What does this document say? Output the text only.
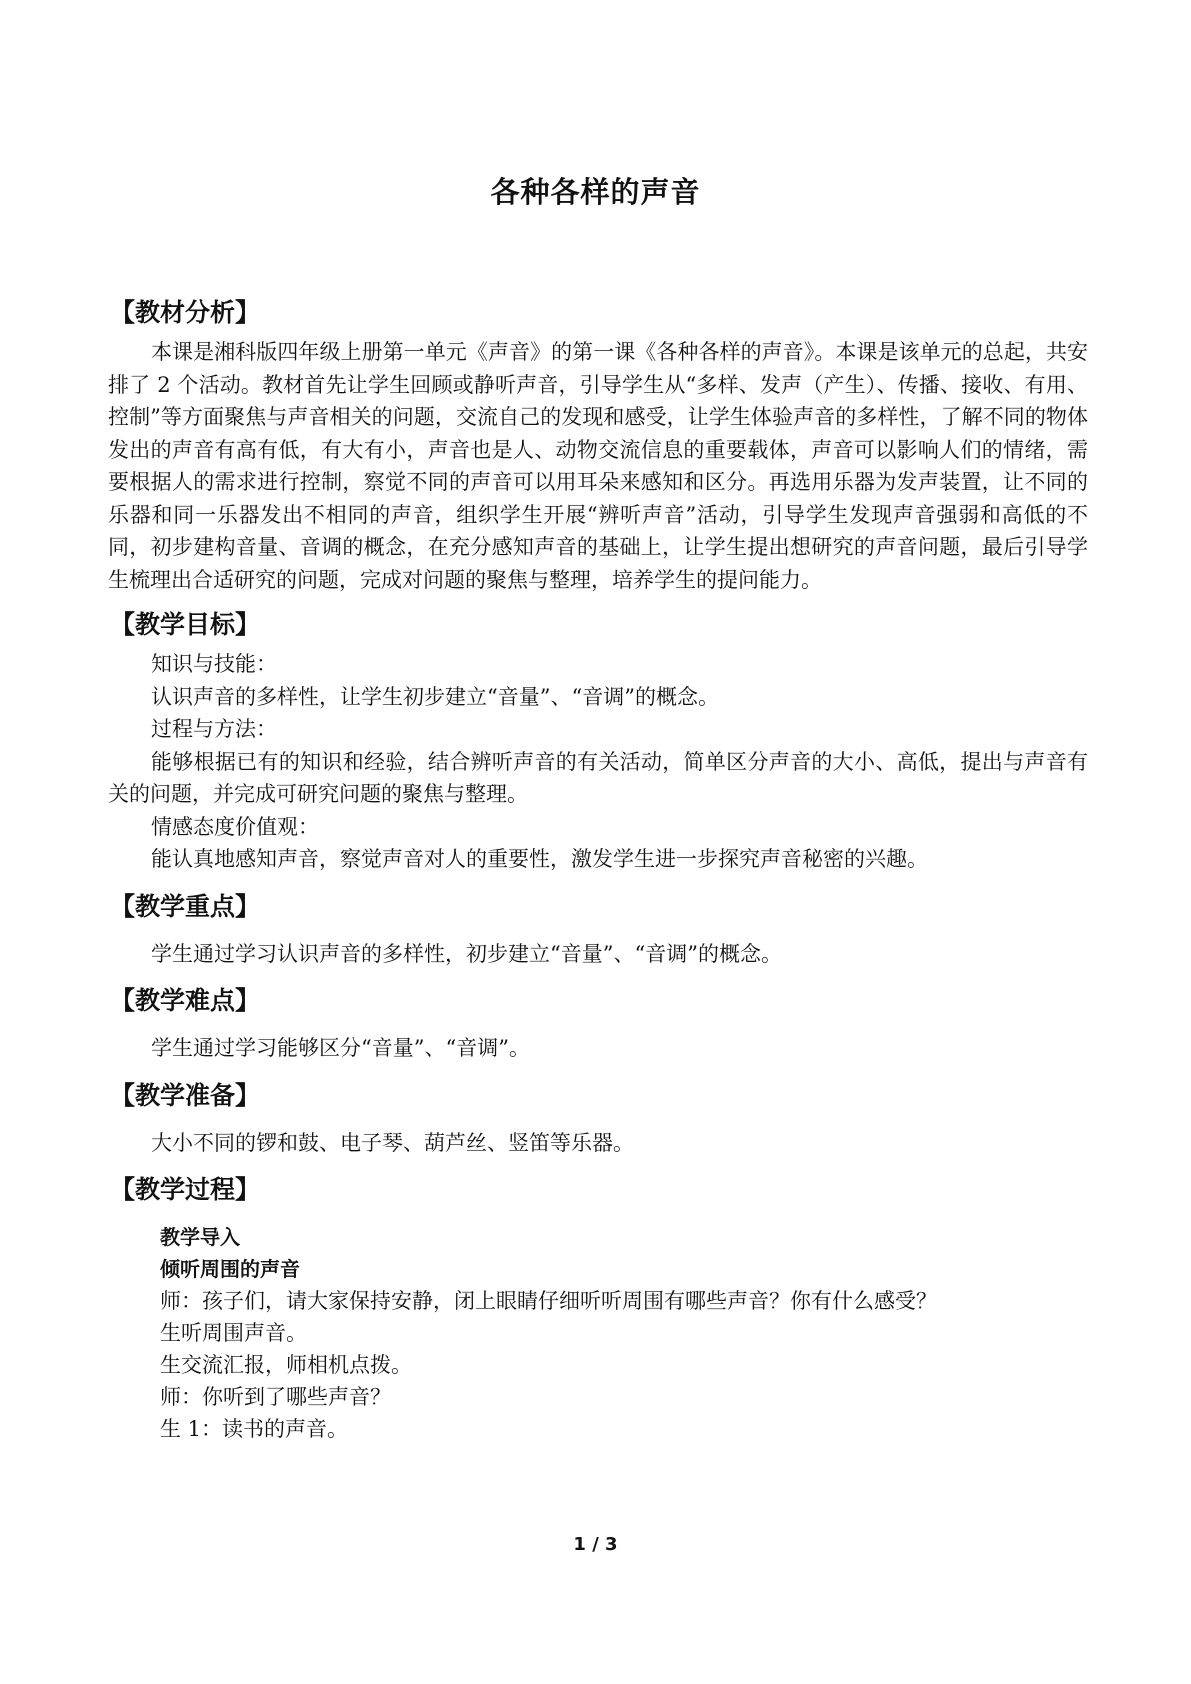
各种各样的声音
【教材分析】

本课是湘科版四年级上册第一单元《声音》的第一课《各种各样的声音》。本课是该单元的总起，共安排了 2 个活动。教材首先让学生回顾或静听声音，引导学生从“多样、发声（产生）、传播、接收、有用、控制”等方面聚焦与声音相关的问题，交流自己的发现和感受，让学生体验声音的多样性，了解不同的物体发出的声音有高有低，有大有小，声音也是人、动物交流信息的重要载体，声音可以影响人们的情绪，需要根据人的需求进行控制，察觉不同的声音可以用耳朵来感知和区分。再选用乐器为发声装置，让不同的乐器和同一乐器发出不相同的声音，组织学生开展“辨听声音”活动，引导学生发现声音强弱和高低的不同，初步建构音量、音调的概念，在充分感知声音的基础上，让学生提出想研究的声音问题，最后引导学生梳理出合适研究的问题，完成对问题的聚焦与整理，培养学生的提问能力。

【教学目标】

知识与技能：

认识声音的多样性，让学生初步建立“音量”、“音调”的概念。

过程与方法：

能够根据已有的知识和经验，结合辨听声音的有关活动，简单区分声音的大小、高低，提出与声音有关的问题，并完成可研究问题的聚焦与整理。

情感态度价值观：

能认真地感知声音，察觉声音对人的重要性，激发学生进一步探究声音秘密的兴趣。

【教学重点】

学生通过学习认识声音的多样性，初步建立“音量”、“音调”的概念。

【教学难点】

学生通过学习能够区分“音量”、“音调”。

【教学准备】

大小不同的锣和鼓、电子琴、葫芦丝、竖笛等乐器。

【教学过程】

教学导入

倾听周围的声音

师：孩子们，请大家保持安静，闭上眼睛仔细听听周围有哪些声音？你有什么感受？

生听周围声音。

生交流汇报，师相机点拨。

师：你听到了哪些声音？

生 1：读书的声音。

1 / 3
